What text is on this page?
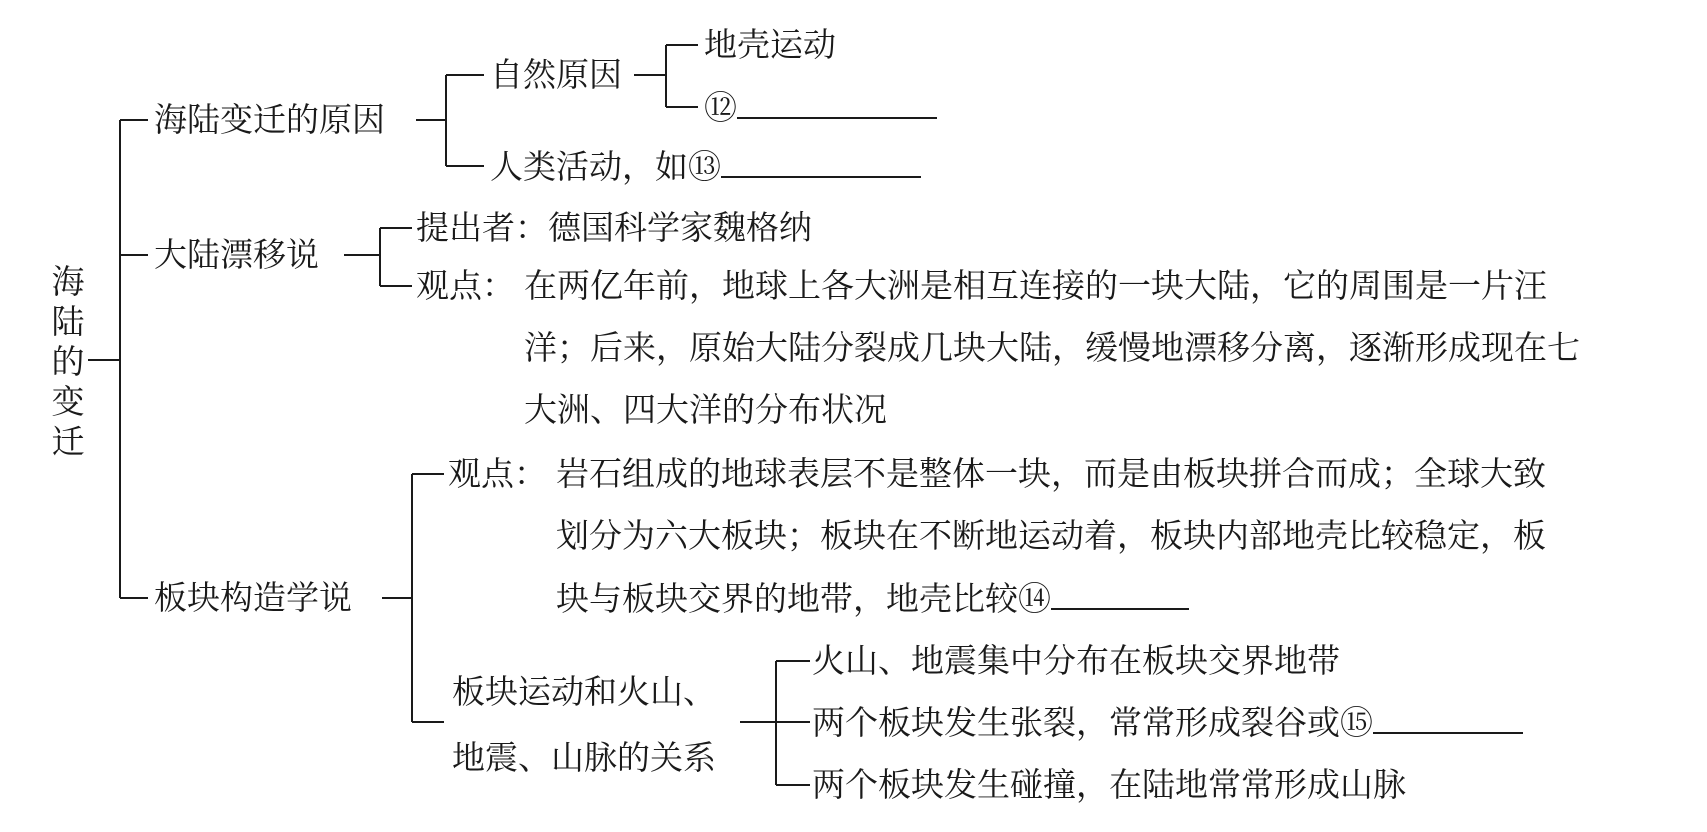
海陆的变迁
海陆变迁的原因
自然原因
地壳运动
⑫
人类活动，如⑬
大陆漂移说
提出者：德国科学家魏格纳
观点： 在两亿年前，地球上各大洲是相互连接的一块大陆，它的周围是一片汪
洋；后来，原始大陆分裂成几块大陆，缓慢地漂移分离，逐渐形成现在七
大洲、四大洋的分布状况
板块构造学说
观点： 岩石组成的地球表层不是整体一块，而是由板块拼合而成；全球大致
划分为六大板块；板块在不断地运动着，板块内部地壳比较稳定，板
块与板块交界的地带，地壳比较⑭
板块运动和火山、
地震、山脉的关系
火山、地震集中分布在板块交界地带
两个板块发生张裂，常常形成裂谷或⑮
两个板块发生碰撞，在陆地常常形成山脉
